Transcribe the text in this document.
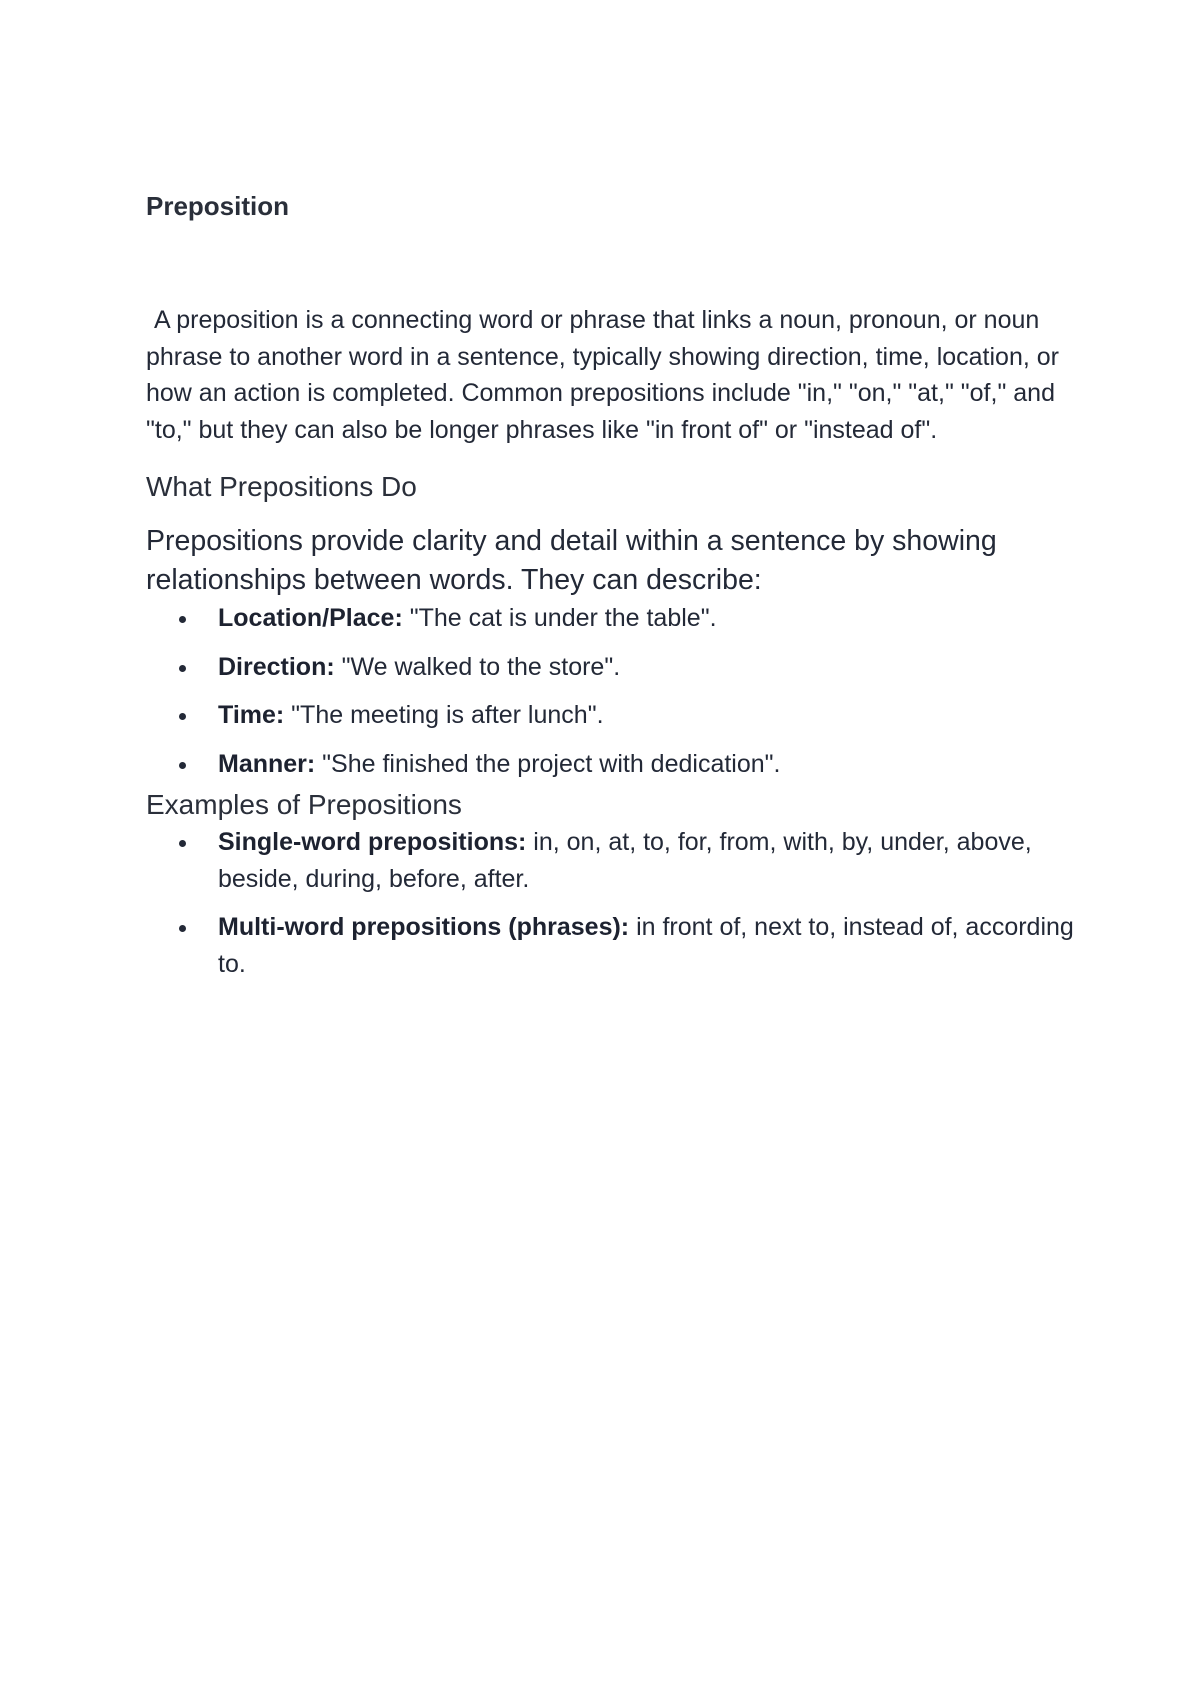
Preposition

A preposition is a connecting word or phrase that links a noun, pronoun, or noun phrase to another word in a sentence, typically showing direction, time, location, or how an action is completed. Common prepositions include "in," "on," "at," "of," and "to," but they can also be longer phrases like "in front of" or "instead of".

What Prepositions Do

Prepositions provide clarity and detail within a sentence by showing relationships between words. They can describe:

Location/Place: "The cat is under the table".
Direction: "We walked to the store".
Time: "The meeting is after lunch".
Manner: "She finished the project with dedication".
Examples of Prepositions
Single-word prepositions: in, on, at, to, for, from, with, by, under, above, beside, during, before, after.
Multi-word prepositions (phrases): in front of, next to, instead of, according to.
